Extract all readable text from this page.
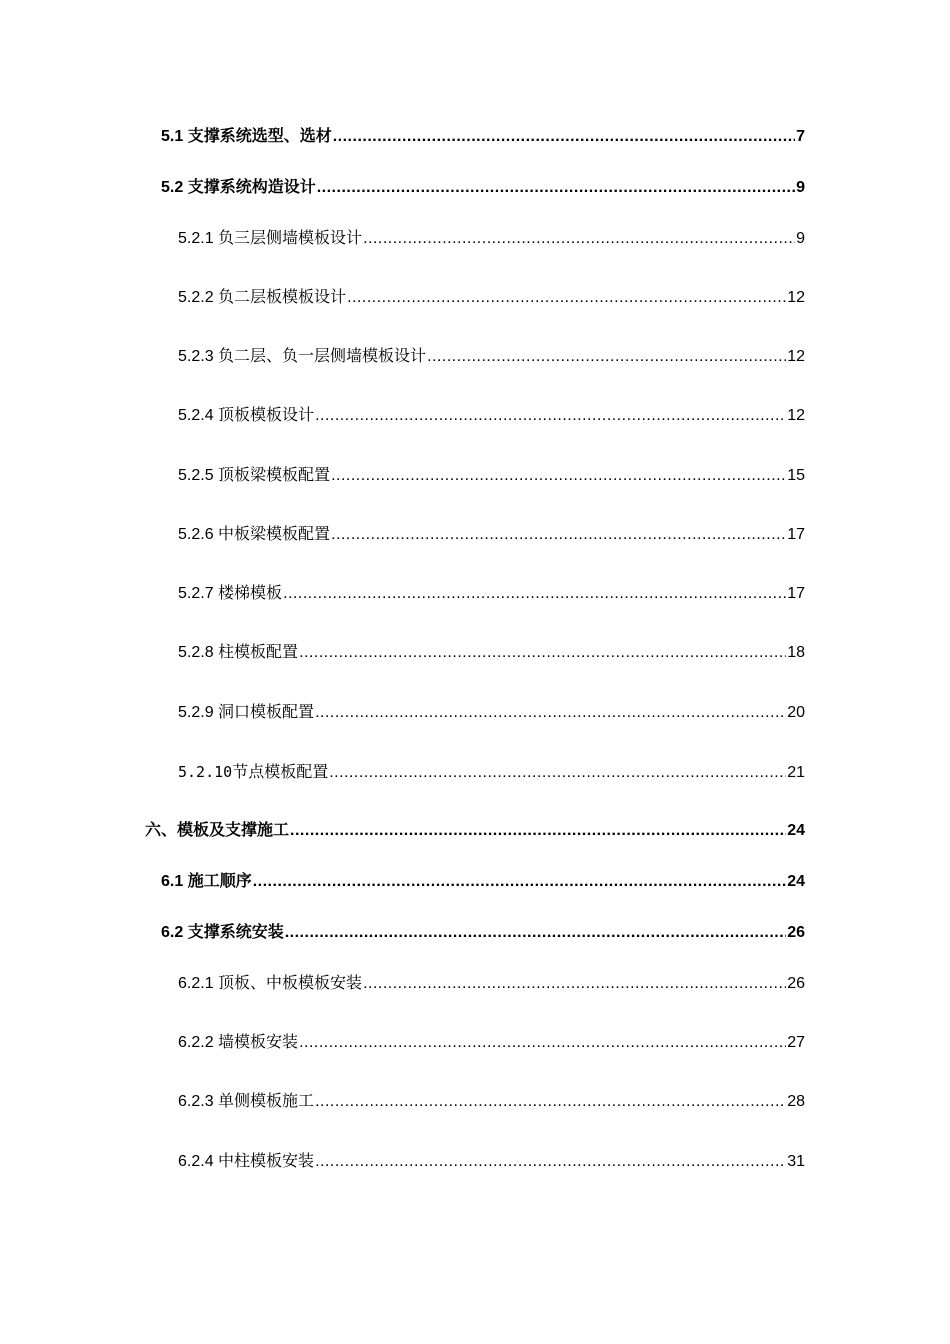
5.1 支撑系统选型、选材 .....	7
5.2 支撑系统构造设计 .....	9
5.2.1 负三层侧墙模板设计 .....	9
5.2.2 负二层板模板设计 .....	12
5.2.3 负二层、负一层侧墙模板设计 .....	12
5.2.4 顶板模板设计 .....	12
5.2.5 顶板梁模板配置 .....	15
5.2.6 中板梁模板配置 .....	17
5.2.7 楼梯模板 .....	17
5.2.8 柱模板配置 .....	18
5.2.9 洞口模板配置 .....	20
5.2.10节点模板配置 .....	21
六、模板及支撑施工 .....	24
6.1 施工顺序 .....	24
6.2 支撑系统安装 .....	26
6.2.1 顶板、中板模板安装 .....	26
6.2.2 墙模板安装 .....	27
6.2.3 单侧模板施工 .....	28
6.2.4 中柱模板安装 .....	31
